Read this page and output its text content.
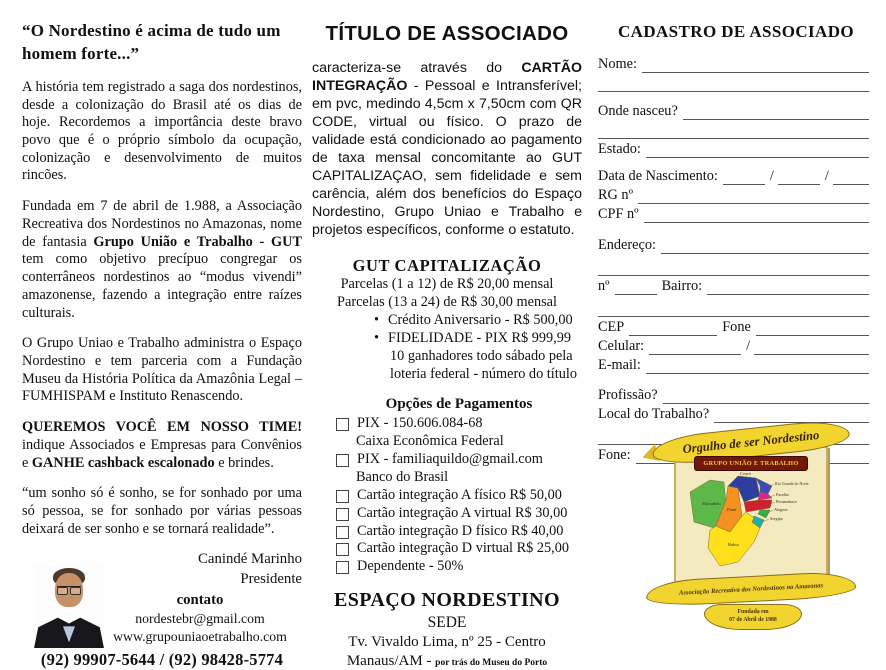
“O Nordestino é acima de tudo um homem forte...”
A história tem registrado a saga dos nordestinos, desde a colonização do Brasil até os dias de hoje. Recordemos a importância deste bravo povo que é o próprio símbolo da ocupação, colonização e desenvolvimento de muitos rincões.
Fundada em 7 de abril de 1.988, a Associação Recreativa dos Nordestinos no Amazonas, nome de fantasia Grupo União e Trabalho - GUT tem como objetivo precípuo congregar os conterrâneos nordestinos ao “modus vivendi” amazonense, fazendo a integração entre raízes culturais.
O Grupo Uniao e Trabalho administra o Espaço Nordestino e tem parceria com a Fundação Museu da História Política da Amazônia Legal – FUMHISPAM e Instituto Renascendo.
QUEREMOS VOCÊ EM NOSSO TIME! indique Associados e Empresas para Convênios e GANHE cashback escalonado e brindes.
“um sonho só é sonho, se for sonhado por uma só pessoa, se for sonhado por várias pessoas deixará de ser sonho e se tornará realidade”.
Canindé Marinho
Presidente
contato
nordestebr@gmail.com
www.grupouniaoetrabalho.com
(92) 99907-5644 / (92) 98428-5774
TÍTULO DE ASSOCIADO
caracteriza-se através do CARTÃO INTEGRAÇÃO - Pessoal e Intransferível; em pvc, medindo 4,5cm x 7,50cm com QR CODE, virtual ou físico. O prazo de validade está condicionado ao pagamento de taxa mensal concomitante ao GUT CAPITALIZAÇAO, sem fidelidade e sem carência, além dos benefícios do Espaço Nordestino, Grupo Uniao e Trabalho e projetos específicos, conforme o estatuto.
GUT CAPITALIZAÇÃO
Parcelas (1 a 12) de R$ 20,00 mensal
Parcelas (13 a 24) de R$ 30,00 mensal
• Crédito Aniversario - R$ 500,00
• FIDELIDADE - PIX R$ 999,99
10 ganhadores todo sábado pela
loteria federal - número do título
Opções de Pagamentos
PIX - 150.606.084-68
Caixa Econômica Federal
PIX - familiaquildo@gmail.com
Banco do Brasil
Cartão integração A físico R$ 50,00
Cartão integração A virtual R$ 30,00
Cartão integração D físico R$ 40,00
Cartão integração D virtual R$ 25,00
Dependente - 50%
ESPAÇO NORDESTINO
SEDE
Tv. Vivaldo Lima, nº 25 - Centro
Manaus/AM - por trás do Museu do Porto
CADASTRO DE ASSOCIADO
Nome:
Onde nasceu?
Estado:
Data de Nascimento:	/	/
RG nº
CPF nº
Endereço:
nº	Bairro:
CEP	Fone
Celular:	/
E-mail:
Profissão?
Local do Trabalho?
Fone:	Orgulho de ser Nordestino
GRUPO UNIÃO E TRABALHO
Maranhão
Piauí
Ceará
Rio Grande do Norte
Paraíba
Pernambuco
Alagoas
Sergipe
Bahia
Associação Recreativa dos Nordestinos no Amazonas
Fundada em
07 de Abril de 1988
